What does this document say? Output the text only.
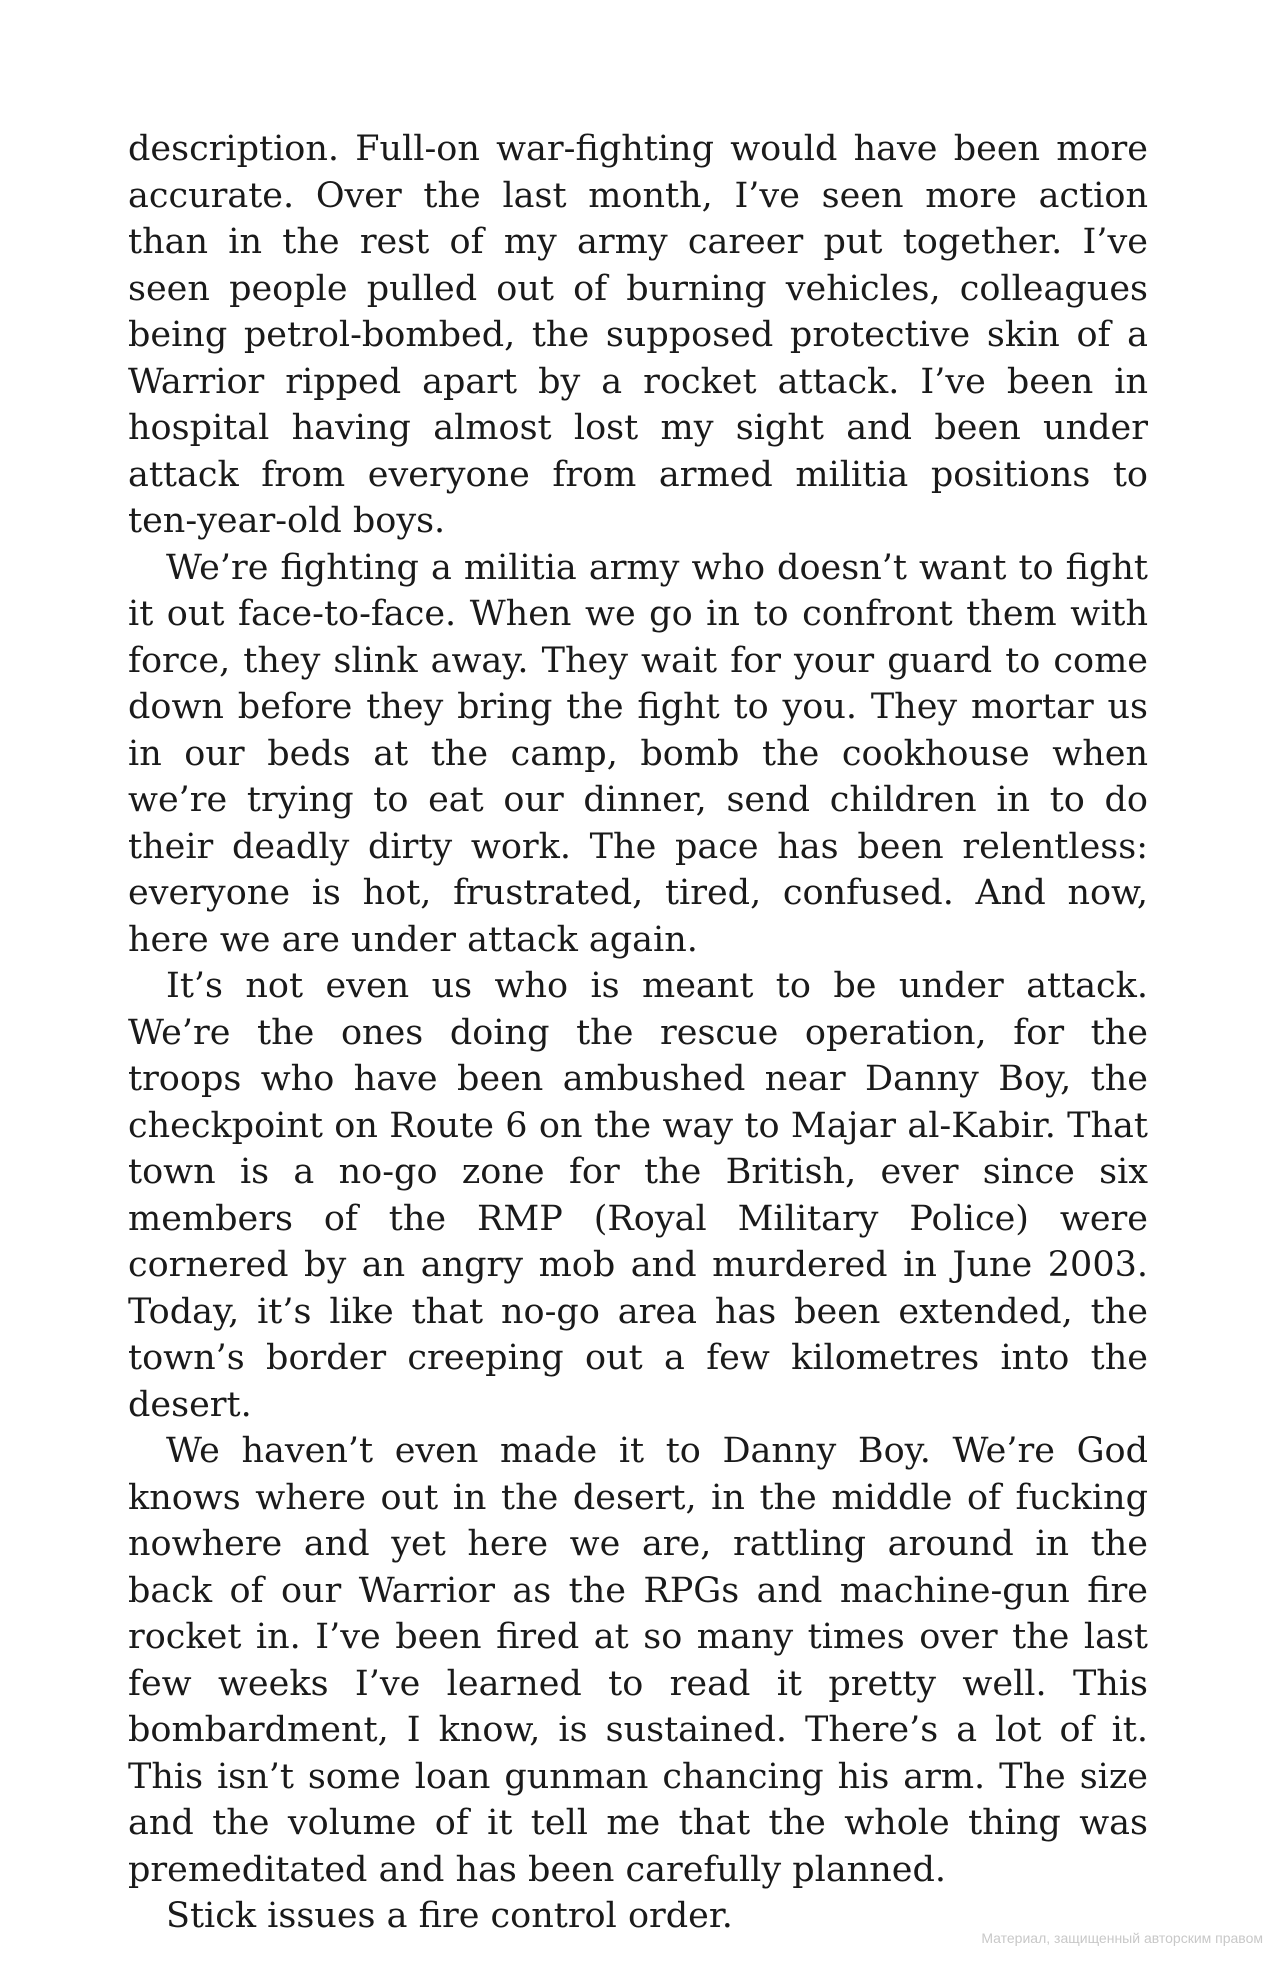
description. Full-on war-fighting would have been more accurate. Over the last month, I’ve seen more action than in the rest of my army career put together. I’ve seen people pulled out of burning vehicles, colleagues being petrol-bombed, the supposed protective skin of a Warrior ripped apart by a rocket attack. I’ve been in hospital having almost lost my sight and been under attack from everyone from armed militia positions to ten-year-old boys.

We’re fighting a militia army who doesn’t want to fight it out face-to-face. When we go in to confront them with force, they slink away. They wait for your guard to come down before they bring the fight to you. They mortar us in our beds at the camp, bomb the cookhouse when we’re trying to eat our dinner, send children in to do their deadly dirty work. The pace has been relentless: everyone is hot, frustrated, tired, confused. And now, here we are under attack again.

It’s not even us who is meant to be under attack. We’re the ones doing the rescue operation, for the troops who have been ambushed near Danny Boy, the checkpoint on Route 6 on the way to Majar al-Kabir. That town is a no-go zone for the British, ever since six members of the RMP (Royal Military Police) were cornered by an angry mob and murdered in June 2003. Today, it’s like that no-go area has been extended, the town’s border creeping out a few kilometres into the desert.

We haven’t even made it to Danny Boy. We’re God knows where out in the desert, in the middle of fucking nowhere and yet here we are, rattling around in the back of our Warrior as the RPGs and machine-gun fire rocket in. I’ve been fired at so many times over the last few weeks I’ve learned to read it pretty well. This bombardment, I know, is sustained. There’s a lot of it. This isn’t some loan gunman chancing his arm. The size and the volume of it tell me that the whole thing was premeditated and has been carefully planned.

Stick issues a fire control order.

Материал, защищенный авторским правом
